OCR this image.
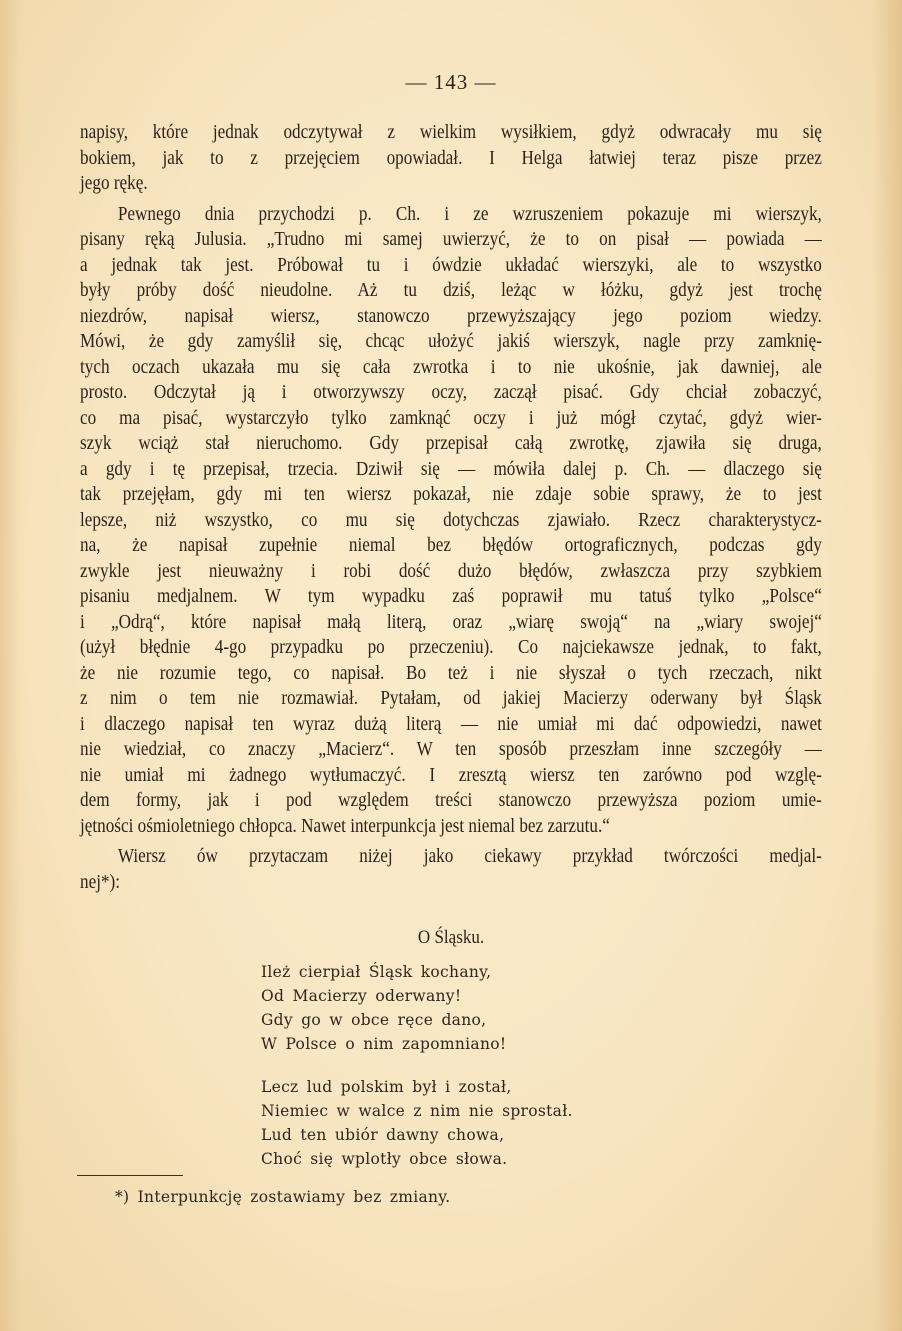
— 143 —
napisy, które jednak odczytywał z wielkim wysiłkiem, gdyż odwracały mu się
bokiem, jak to z przejęciem opowiadał. I Helga łatwiej teraz pisze przez
jego rękę.
Pewnego dnia przychodzi p. Ch. i ze wzruszeniem pokazuje mi wierszyk,
pisany ręką Julusia. „Trudno mi samej uwierzyć, że to on pisał — powiada —
a jednak tak jest. Próbował tu i ówdzie układać wierszyki, ale to wszystko
były próby dość nieudolne. Aż tu dziś, leżąc w łóżku, gdyż jest trochę
niezdrów, napisał wiersz, stanowczo przewyższający jego poziom wiedzy.
Mówi, że gdy zamyślił się, chcąc ułożyć jakiś wierszyk, nagle przy zamknię-
tych oczach ukazała mu się cała zwrotka i to nie ukośnie, jak dawniej, ale
prosto. Odczytał ją i otworzywszy oczy, zaczął pisać. Gdy chciał zobaczyć,
co ma pisać, wystarczyło tylko zamknąć oczy i już mógł czytać, gdyż wier-
szyk wciąż stał nieruchomo. Gdy przepisał całą zwrotkę, zjawiła się druga,
a gdy i tę przepisał, trzecia. Dziwił się — mówiła dalej p. Ch. — dlaczego się
tak przejęłam, gdy mi ten wiersz pokazał, nie zdaje sobie sprawy, że to jest
lepsze, niż wszystko, co mu się dotychczas zjawiało. Rzecz charakterystycz-
na, że napisał zupełnie niemal bez błędów ortograficznych, podczas gdy
zwykle jest nieuważny i robi dość dużo błędów, zwłaszcza przy szybkiem
pisaniu medjalnem. W tym wypadku zaś poprawił mu tatuś tylko „Polsce“
i „Odrą“, które napisał małą literą, oraz „wiarę swoją“ na „wiary swojej“
(użył błędnie 4-go przypadku po przeczeniu). Co najciekawsze jednak, to fakt,
że nie rozumie tego, co napisał. Bo też i nie słyszał o tych rzeczach, nikt
z nim o tem nie rozmawiał. Pytałam, od jakiej Macierzy oderwany był Śląsk
i dlaczego napisał ten wyraz dużą literą — nie umiał mi dać odpowiedzi, nawet
nie wiedział, co znaczy „Macierz“. W ten sposób przeszłam inne szczegóły —
nie umiał mi żadnego wytłumaczyć. I zresztą wiersz ten zarówno pod wzglę-
dem formy, jak i pod względem treści stanowczo przewyższa poziom umie-
jętności ośmioletniego chłopca. Nawet interpunkcja jest niemal bez zarzutu.“
Wiersz ów przytaczam niżej jako ciekawy przykład twórczości medjal-
nej*):
O Śląsku.
Ileż cierpiał Śląsk kochany,
Od Macierzy oderwany!
Gdy go w obce ręce dano,
W Polsce o nim zapomniano!
Lecz lud polskim był i został,
Niemiec w walce z nim nie sprostał.
Lud ten ubiór dawny chowa,
Choć się wplotły obce słowa.
*) Interpunkcję zostawiamy bez zmiany.
